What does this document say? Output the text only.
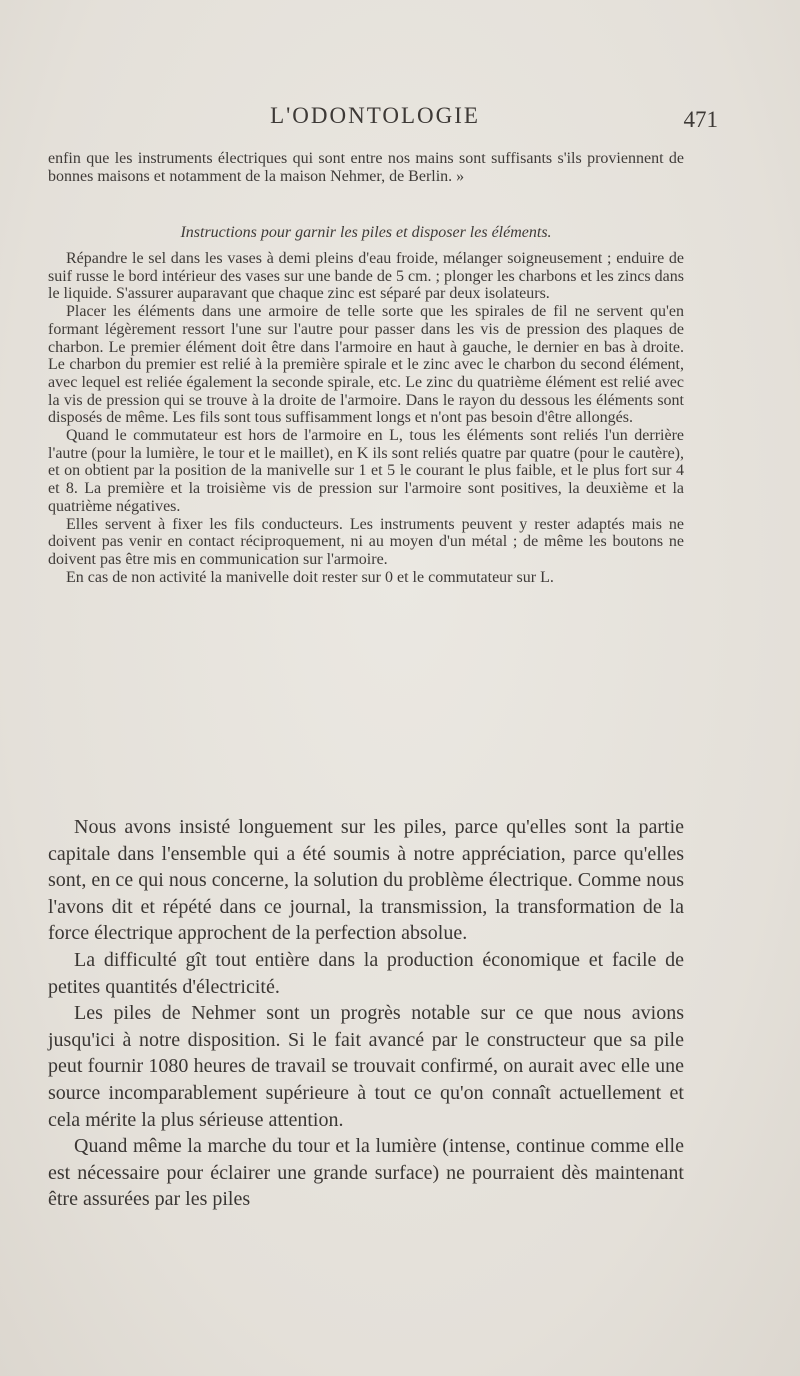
L'ODONTOLOGIE	471

enfin que les instruments électriques qui sont entre nos mains sont suffisants s'ils proviennent de bonnes maisons et notamment de la maison Nehmer, de Berlin. »

Instructions pour garnir les piles et disposer les éléments.

Répandre le sel dans les vases à demi pleins d'eau froide, mélanger soigneusement ; enduire de suif russe le bord intérieur des vases sur une bande de 5 cm. ; plonger les charbons et les zincs dans le liquide. S'assurer auparavant que chaque zinc est séparé par deux isolateurs.

Placer les éléments dans une armoire de telle sorte que les spirales de fil ne servent qu'en formant légèrement ressort l'une sur l'autre pour passer dans les vis de pression des plaques de charbon. Le premier élément doit être dans l'armoire en haut à gauche, le dernier en bas à droite. Le charbon du premier est relié à la première spirale et le zinc avec le charbon du second élément, avec lequel est reliée également la seconde spirale, etc. Le zinc du quatrième élément est relié avec la vis de pression qui se trouve à la droite de l'armoire. Dans le rayon du dessous les éléments sont disposés de même. Les fils sont tous suffisamment longs et n'ont pas besoin d'être allongés.

Quand le commutateur est hors de l'armoire en L, tous les éléments sont reliés l'un derrière l'autre (pour la lumière, le tour et le maillet), en K ils sont reliés quatre par quatre (pour le cautère), et on obtient par la position de la manivelle sur 1 et 5 le courant le plus faible, et le plus fort sur 4 et 8. La première et la troisième vis de pression sur l'armoire sont positives, la deuxième et la quatrième négatives.

Elles servent à fixer les fils conducteurs. Les instruments peuvent y rester adaptés mais ne doivent pas venir en contact réciproquement, ni au moyen d'un métal ; de même les boutons ne doivent pas être mis en communication sur l'armoire.

En cas de non activité la manivelle doit rester sur 0 et le commutateur sur L.

Nous avons insisté longuement sur les piles, parce qu'elles sont la partie capitale dans l'ensemble qui a été soumis à notre appréciation, parce qu'elles sont, en ce qui nous concerne, la solution du problème électrique. Comme nous l'avons dit et répété dans ce journal, la transmission, la transformation de la force électrique approchent de la perfection absolue.

La difficulté gît tout entière dans la production économique et facile de petites quantités d'électricité.

Les piles de Nehmer sont un progrès notable sur ce que nous avions jusqu'ici à notre disposition. Si le fait avancé par le constructeur que sa pile peut fournir 1080 heures de travail se trouvait confirmé, on aurait avec elle une source incomparablement supérieure à tout ce qu'on connaît actuellement et cela mérite la plus sérieuse attention.

Quand même la marche du tour et la lumière (intense, continue comme elle est nécessaire pour éclairer une grande surface) ne pourraient dès maintenant être assurées par les piles
